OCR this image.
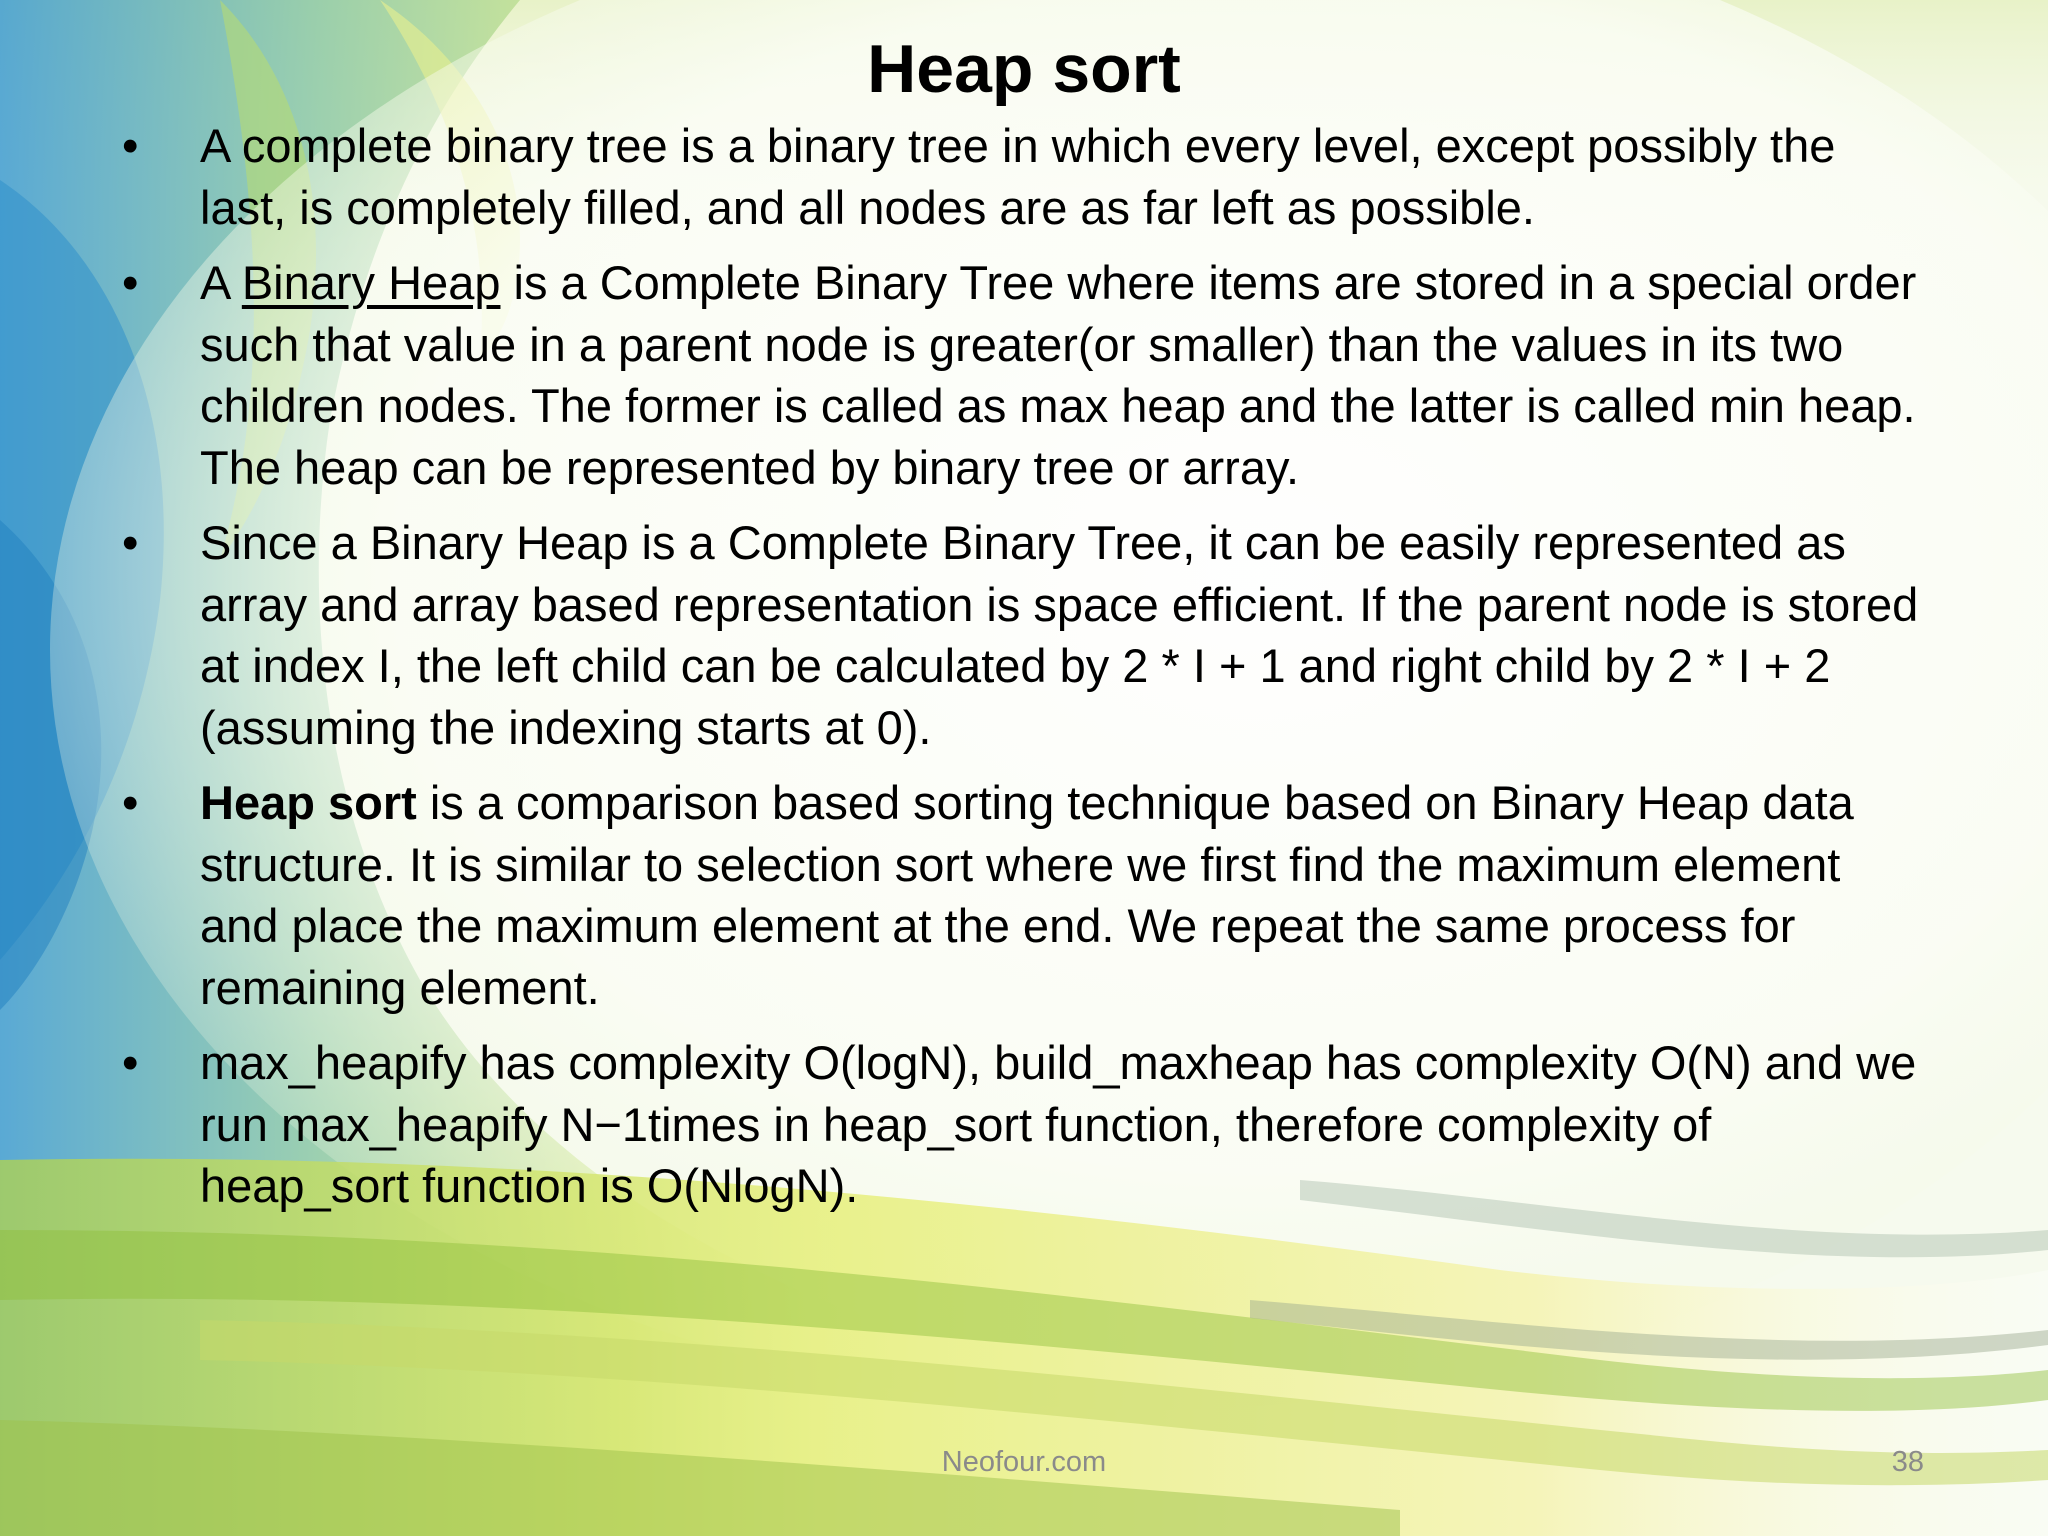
Heap sort
• A complete binary tree is a binary tree in which every level, except possibly the last, is completely filled, and all nodes are as far left as possible.
• A Binary Heap is a Complete Binary Tree where items are stored in a special order such that value in a parent node is greater(or smaller) than the values in its two children nodes. The former is called as max heap and the latter is called min heap. The heap can be represented by binary tree or array.
• Since a Binary Heap is a Complete Binary Tree, it can be easily represented as array and array based representation is space efficient. If the parent node is stored at index I, the left child can be calculated by 2 * I + 1 and right child by 2 * I + 2 (assuming the indexing starts at 0).
• Heap sort is a comparison based sorting technique based on Binary Heap data structure. It is similar to selection sort where we first find the maximum element and place the maximum element at the end. We repeat the same process for remaining element.
• max_heapify has complexity O(logN), build_maxheap has complexity O(N) and we run max_heapify N−1times in heap_sort function, therefore complexity of heap_sort function is O(NlogN).
Neofour.com	38
